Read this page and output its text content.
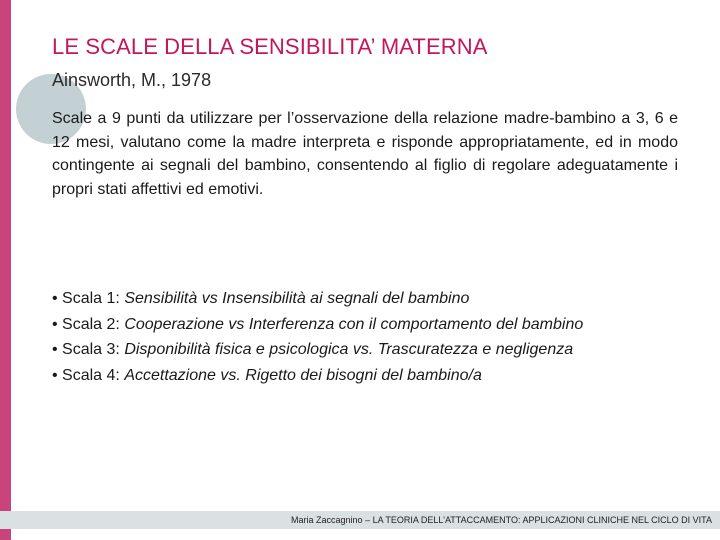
LE SCALE DELLA SENSIBILITA’ MATERNA
Ainsworth, M., 1978
Scale a 9 punti da utilizzare per l’osservazione della relazione madre-bambino a 3, 6 e 12 mesi, valutano come la madre interpreta e risponde appropriatamente, ed in modo contingente ai segnali del bambino, consentendo al figlio di regolare adeguatamente i propri stati affettivi ed emotivi.
• Scala 1: Sensibilità vs Insensibilità ai segnali del bambino
• Scala 2: Cooperazione vs Interferenza con il comportamento del bambino
• Scala 3: Disponibilità fisica e psicologica vs. Trascuratezza e negligenza
• Scala 4: Accettazione vs. Rigetto dei bisogni del bambino/a
Maria Zaccagnino – LA TEORIA DELL’ATTACCAMENTO: APPLICAZIONI CLINICHE NEL CICLO DI VITA
